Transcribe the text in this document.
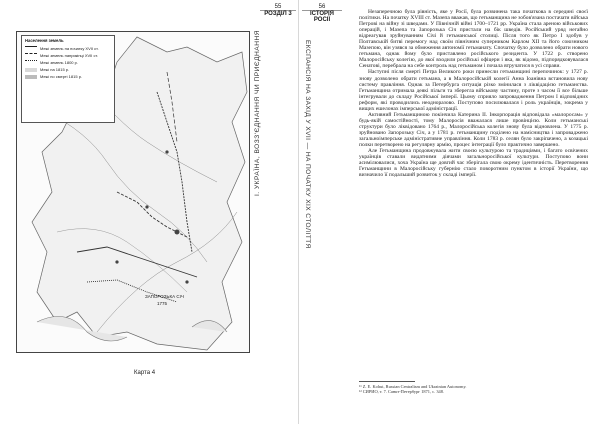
55
РОЗДІЛ 3
Населення земель
Межі земель на початку XVII ст.
Межі земель наприкінці XVII ст.
Межі земель 1800 р.
Межі на 1815 р.
Межі по смерті 1815 р.
ЗАПОРОЗЬКА СІЧ
1775
Карта 4
І. УКРАЇНА, ВОЗЗ'ЄДНАННЯ ЧИ ПРИЄДНАННЯ
56
ІСТОРІЯ РОСІЇ
ЕКСПАНСІЯ НА ЗАХІД У XVII — НА ПОЧАТКУ XIX СТОЛІТТЯ

Незаперечною була рівність, яке у Росії, була розвинена така початкова в середині своєї політики. На початку XVIII ст. Мазепа вважав, що гетьманщина не зобов'язана постачати війська Петрові на війну зі шведами. У Північній війні 1700–1721 рр. Україна стала ареною військових операцій, і Мазепа та Запорозька Січ пристали на бік шведів. Російський уряд негайно відреагував зруйнуванням Січі й гетьманської столиці. Після того як Петро I здобув у Полтавській битві перемогу над своїм північним суперником Карлом XII та його союзником Мазепою, він узявся за обмеження автономії гетьманату. Спочатку було дозволено обрати нового гетьмана, однак йому було приставлено російського резидента. У 1722 р. створено Малоросійську колегію, до якої входили російські офіцери і яка, як відомо, підпорядковувалася Сенатові, перебрала на себе контроль над гетьманом і почала втручатися в усі справи.

Наступні після смерті Петра Великого роки принесли гетьманщині перепочинок: у 1727 р. знову дозволено обрати гетьмана, а в Малоросійській колегії Анна Іоанівна встановила нову систему правління. Однак за Петербурга ситуація різко змінилася з ліквідацією гетьманства. Гетьманщина отримала деякі пільги та зберегла військову частину, проте з часом її все більше інтегрували до складу Російської імперії. Цьому сприяло запровадження Петром I відповідних реформ, які проводились неодноразово. Поступово посилювалася і роль українців, зокрема у вищих ешелонах імперської адміністрації.

Активний Гетьманщиною покінчила Катерина II. Інкорпорація відповідала «малоросам» у будь-якій самостійності, тому Малоросія вважалася лише провінцією. Коли гетьманські структури було ліквідовано 1764 р., Малоросійська колегія знову була відновлена. У 1775 р. зруйновано Запорозьку Січ, а у 1781 р. гетьманщину поділено на намісництва і запроваджено загальноімперське адміністративне управління. Коли 1783 р. селян було закріпачено, а козацькі полки перетворено на регулярну армію, процес інтеграції було практично завершено.

Але Гетьманщина продовжувала жити своєю культурою та традиціями, і багато освічених українців ставали видатними діячами загальноросійської культури. Поступово вони асимілювалися, хоча Україна ще довгий час зберігала свою окрему ідентичність. Перетворення Гетьманщини в Малоросійську губернію стало поворотним пунктом в історії України, що визначило її подальший розвиток у складі імперії.

¹¹ Z. E. Kohut, Russian Centralism and Ukrainian Autonomy.
¹² СИРИО, т. 7. Санкт-Петербург 1871, с. 348.
